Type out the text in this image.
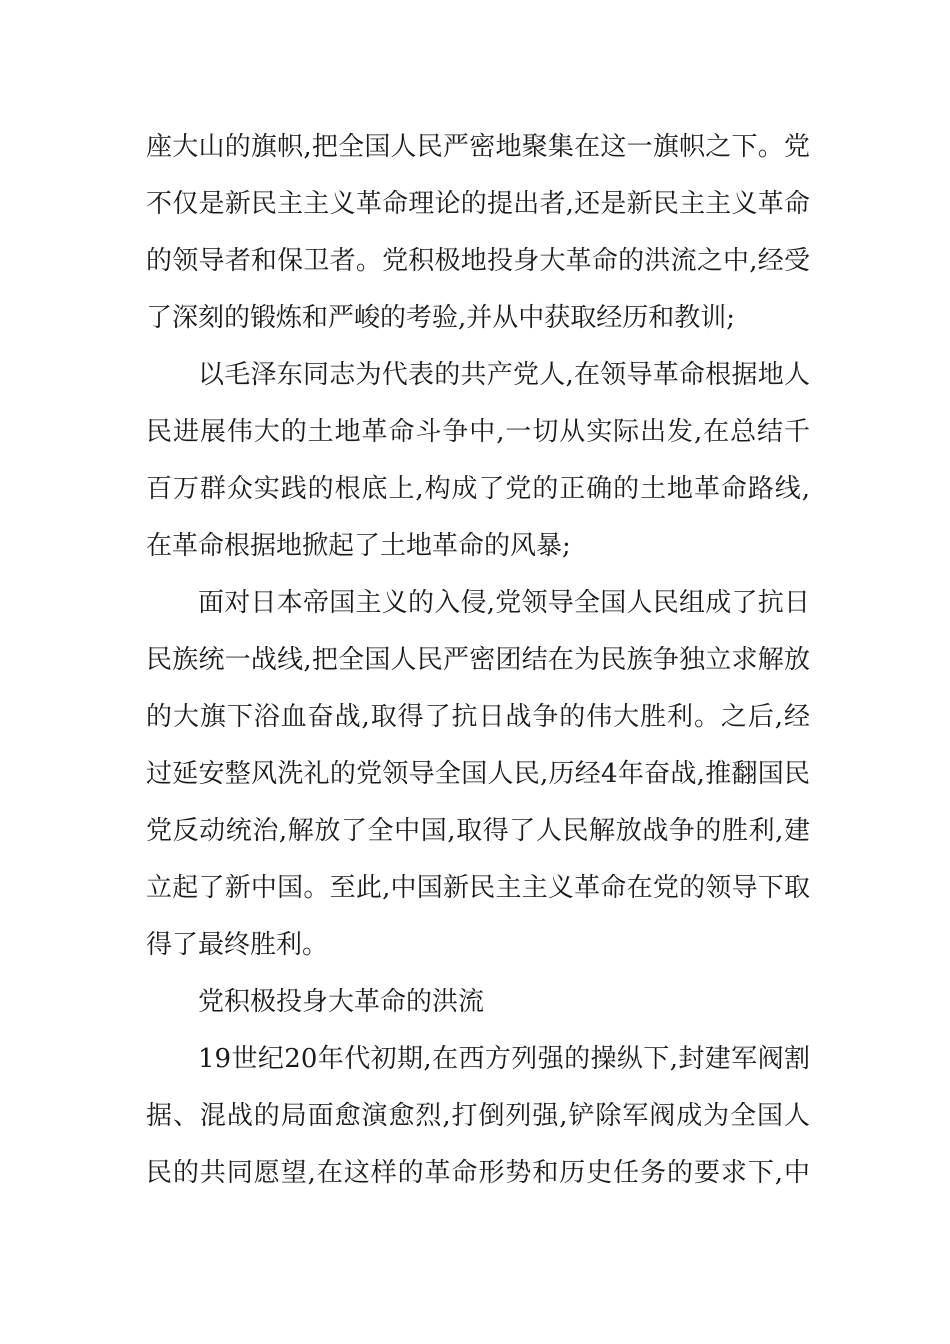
座大山的旗帜,把全国人民严密地聚集在这一旗帜之下。党
不仅是新民主主义革命理论的提出者,还是新民主主义革命
的领导者和保卫者。党积极地投身大革命的洪流之中,经受
了深刻的锻炼和严峻的考验,并从中获取经历和教训;
以毛泽东同志为代表的共产党人,在领导革命根据地人
民进展伟大的土地革命斗争中,一切从实际出发,在总结千
百万群众实践的根底上,构成了党的正确的土地革命路线,
在革命根据地掀起了土地革命的风暴;
面对日本帝国主义的入侵,党领导全国人民组成了抗日
民族统一战线,把全国人民严密团结在为民族争独立求解放
的大旗下浴血奋战,取得了抗日战争的伟大胜利。之后,经
过延安整风洗礼的党领导全国人民,历经4年奋战,推翻国民
党反动统治,解放了全中国,取得了人民解放战争的胜利,建
立起了新中国。至此,中国新民主主义革命在党的领导下取
得了最终胜利。
党积极投身大革命的洪流
19世纪20年代初期,在西方列强的操纵下,封建军阀割
据、混战的局面愈演愈烈,打倒列强,铲除军阀成为全国人
民的共同愿望,在这样的革命形势和历史任务的要求下,中
